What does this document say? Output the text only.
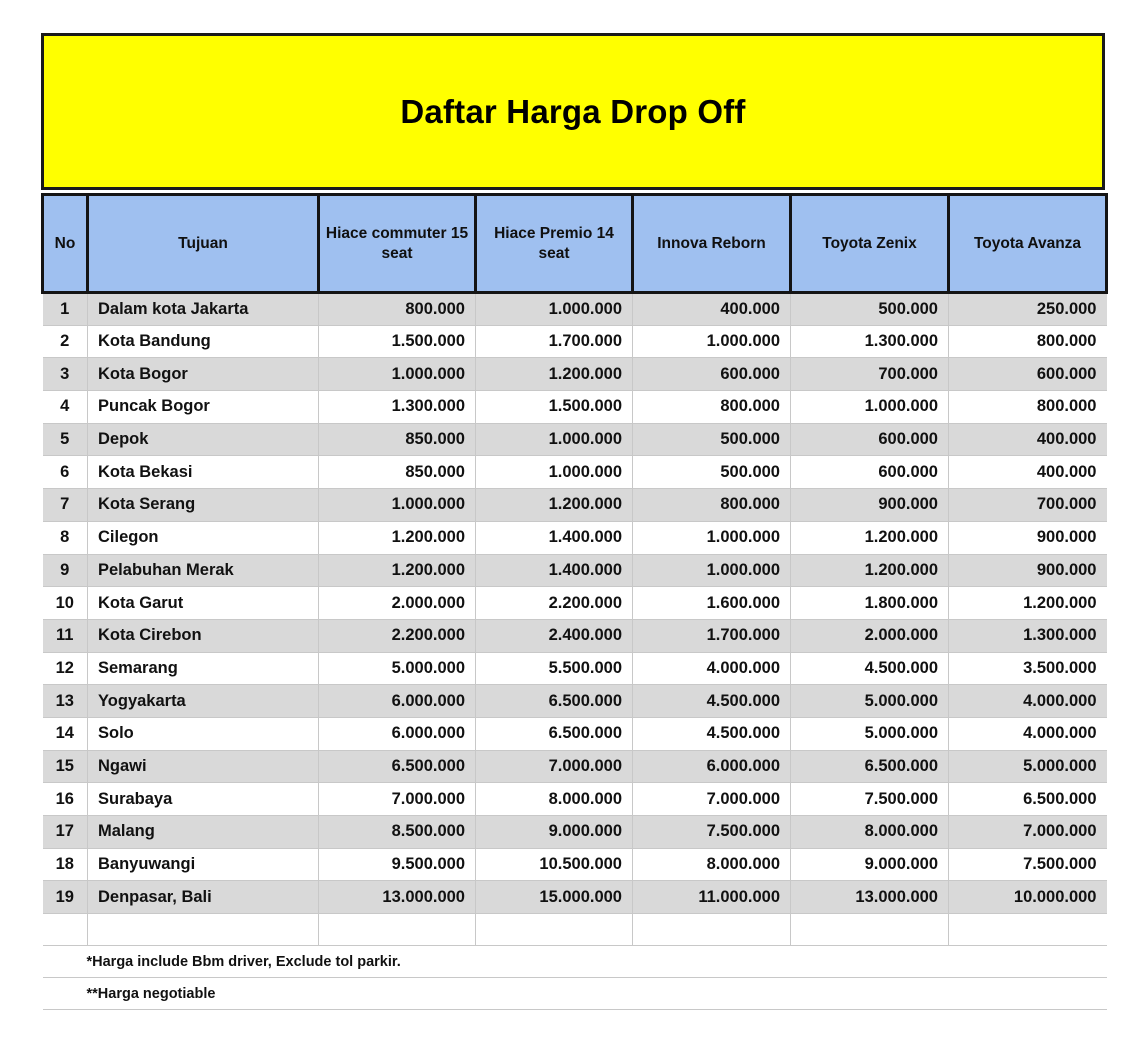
Daftar Harga Drop Off
No	Tujuan	Hiace commuter 15 seat	Hiace Premio 14 seat	Innova Reborn	Toyota Zenix	Toyota Avanza
1	Dalam kota Jakarta	800.000	1.000.000	400.000	500.000	250.000
2	Kota Bandung	1.500.000	1.700.000	1.000.000	1.300.000	800.000
3	Kota Bogor	1.000.000	1.200.000	600.000	700.000	600.000
4	Puncak Bogor	1.300.000	1.500.000	800.000	1.000.000	800.000
5	Depok	850.000	1.000.000	500.000	600.000	400.000
6	Kota Bekasi	850.000	1.000.000	500.000	600.000	400.000
7	Kota Serang	1.000.000	1.200.000	800.000	900.000	700.000
8	Cilegon	1.200.000	1.400.000	1.000.000	1.200.000	900.000
9	Pelabuhan Merak	1.200.000	1.400.000	1.000.000	1.200.000	900.000
10	Kota Garut	2.000.000	2.200.000	1.600.000	1.800.000	1.200.000
11	Kota Cirebon	2.200.000	2.400.000	1.700.000	2.000.000	1.300.000
12	Semarang	5.000.000	5.500.000	4.000.000	4.500.000	3.500.000
13	Yogyakarta	6.000.000	6.500.000	4.500.000	5.000.000	4.000.000
14	Solo	6.000.000	6.500.000	4.500.000	5.000.000	4.000.000
15	Ngawi	6.500.000	7.000.000	6.000.000	6.500.000	5.000.000
16	Surabaya	7.000.000	8.000.000	7.000.000	7.500.000	6.500.000
17	Malang	8.500.000	9.000.000	7.500.000	8.000.000	7.000.000
18	Banyuwangi	9.500.000	10.500.000	8.000.000	9.000.000	7.500.000
19	Denpasar, Bali	13.000.000	15.000.000	11.000.000	13.000.000	10.000.000

*Harga include Bbm driver, Exclude tol parkir.						
**Harga negotiable						
